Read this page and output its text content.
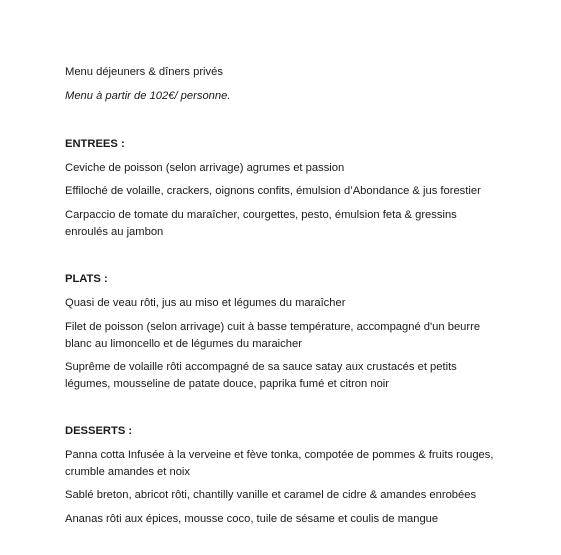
Menu déjeuners & dîners privés

Menu à partir de 102€/ personne.

ENTREES :

Ceviche de poisson (selon arrivage) agrumes et passion

Effiloché de volaille, crackers, oignons confits, émulsion d’Abondance & jus forestier

Carpaccio de tomate du maraîcher, courgettes, pesto, émulsion feta & gressins enroulés au jambon

PLATS :

Quasi de veau rôti, jus au miso et légumes du maraîcher

Filet de poisson (selon arrivage) cuit à basse température, accompagné d'un beurre blanc au limoncello et de légumes du maraicher

Suprême de volaille rôti accompagné de sa sauce satay aux crustacés et petits légumes, mousseline de patate douce, paprika fumé et citron noir

DESSERTS :

Panna cotta Infusée à la verveine et fève tonka, compotée de pommes & fruits rouges, crumble amandes et noix

Sablé breton, abricot rôti, chantilly vanille et caramel de cidre & amandes enrobées

Ananas rôti aux épices, mousse coco, tuile de sésame et coulis de mangue
